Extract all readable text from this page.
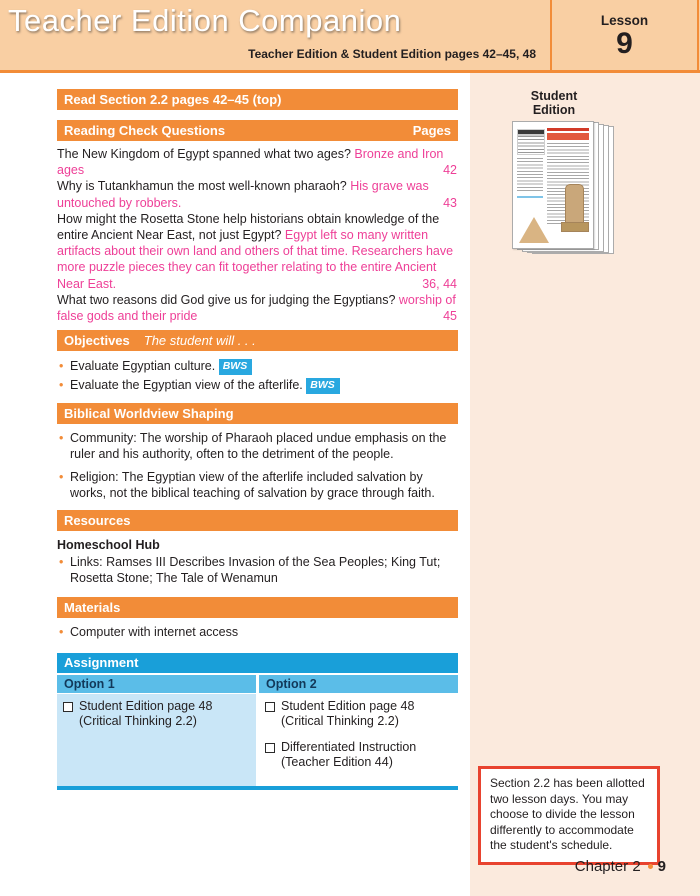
Teacher Edition Companion
Teacher Edition & Student Edition pages 42–45, 48
Lesson
9
Read Section 2.2 pages 42–45 (top)
Reading Check Questions	Pages
The New Kingdom of Egypt spanned what two ages? Bronze and Iron ages	42
Why is Tutankhamun the most well-known pharaoh? His grave was untouched by robbers.	43
How might the Rosetta Stone help historians obtain knowledge of the entire Ancient Near East, not just Egypt? Egypt left so many written artifacts about their own land and others of that time. Researchers have more puzzle pieces they can fit together relating to the entire Ancient Near East.	36, 44
What two reasons did God give us for judging the Egyptians? worship of false gods and their pride	45
Objectives The student will . . .
• Evaluate Egyptian culture. BWS
• Evaluate the Egyptian view of the afterlife. BWS
Biblical Worldview Shaping
• Community: The worship of Pharaoh placed undue emphasis on the ruler and his authority, often to the detriment of the people.
• Religion: The Egyptian view of the afterlife included salvation by works, not the biblical teaching of salvation by grace through faith.
Resources
Homeschool Hub
• Links: Ramses III Describes Invasion of the Sea Peoples; King Tut; Rosetta Stone; The Tale of Wenamun
Materials
• Computer with internet access
Assignment
Option 1
Student Edition page 48 (Critical Thinking 2.2)
Option 2
Student Edition page 48 (Critical Thinking 2.2)
Differentiated Instruction (Teacher Edition 44)
Student Edition
Section 2.2 has been allotted two lesson days. You may choose to divide the lesson differently to accommodate the student's schedule.
Chapter 2 9
